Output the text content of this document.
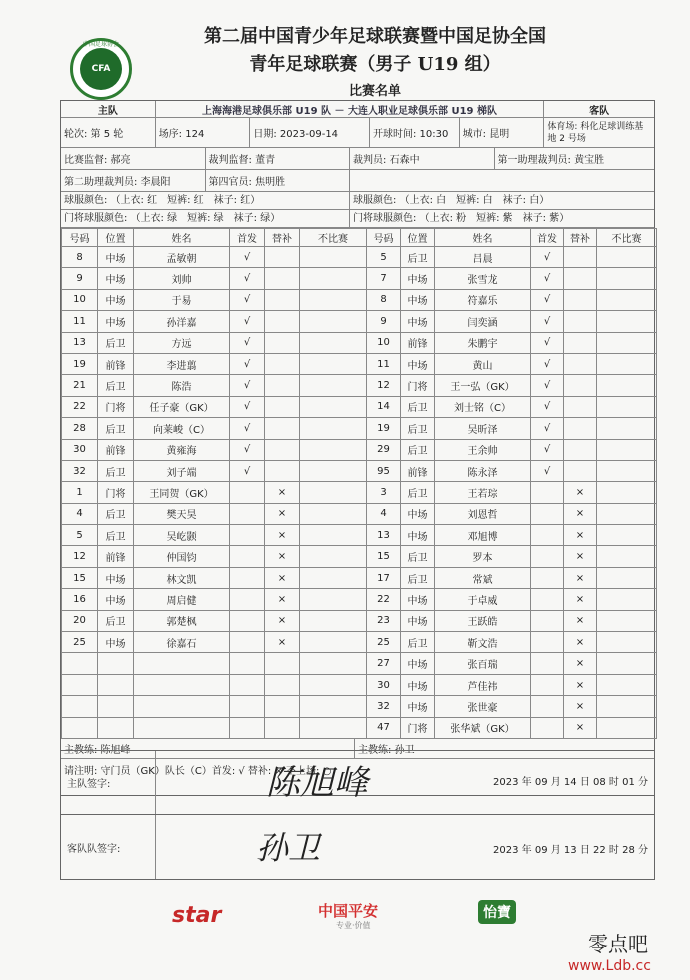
中国足球协会
CFA
第二届中国青少年足球联赛暨中国足协全国
青年足球联赛（男子 U19 组）
比赛名单
主队	上海海港足球俱乐部 U19 队 － 大连人职业足球俱乐部 U19 梯队	客队
轮次: 第 5 轮	场序: 124	日期: 2023-09-14	开球时间: 10:30	城市: 昆明
体育场: 科化足球训练基地 2 号场
比赛监督: 郝亮	裁判监督: 董青	裁判员: 石森中	第一助理裁判员: 黄宝胜
第二助理裁判员: 李晨阳	第四官员: 焦明胜
球服颜色: （上衣: 红　短裤: 红　袜子: 红）
门将球服颜色: （上衣: 绿　短裤: 绿　袜子: 绿）
球服颜色: （上衣: 白　短裤: 白　袜子: 白）
门将球服颜色: （上衣: 粉　短裤: 紫　袜子: 紫）
号码	位置	姓名	首发	替补	不比赛
8	中场	孟敏朝	√		
9	中场	刘帅	√		
10	中场	于易	√		
11	中场	孙洋嘉	√		
13	后卫	方远	√		
19	前锋	李进翦	√		
21	后卫	陈浩	√		
22	门将	任子豪（GK）	√		
28	后卫	向莱峻（C）	√		
30	前锋	黄雍海	√		
32	后卫	刘子端	√		
1	门将	王同贺（GK）		×	
4	后卫	樊天昊		×	
5	后卫	吴屹颢		×	
12	前锋	仲国钧		×	
15	中场	林文凯		×	
16	中场	周启健		×	
20	后卫	郭楚枫		×	
25	中场	徐嘉石		×	

号码	位置	姓名	首发	替补	不比赛
5	后卫	吕晨	√		
7	中场	张雪龙	√		
8	中场	符嘉乐	√		
9	中场	闫奕涵	√		
10	前锋	朱鹏宇	√		
11	中场	黄山	√		
12	门将	王一弘（GK）	√		
14	后卫	刘士铭（C）	√		
19	后卫	吴昕泽	√		
29	后卫	王余帅	√		
95	前锋	陈永泽	√		
3	后卫	王若琮		×	
4	中场	刘恩哲		×	
13	中场	邓旭博		×	
15	后卫	罗本		×	
17	后卫	常斌		×	
22	中场	于卓威		×	
23	中场	王跃皓		×	
25	后卫	靳文浩		×	
27	中场	张百瑞		×	
30	中场	芦佳祎		×	
32	中场	张世豪		×	
47	门将	张华斌（GK）		×	
主教练: 陈旭峰	主教练: 孙卫
请注明: 守门员（GK）队长（C）首发: √ 替补: × 不上场: ○
主队签字:	陈旭峰	2023 年 09 月 14 日 08 时 01 分
客队队签字:	孙卫	2023 年 09 月 13 日 22 时 28 分
star	中国平安
专业·价值
怡寶
零点吧
www.Ldb.cc
